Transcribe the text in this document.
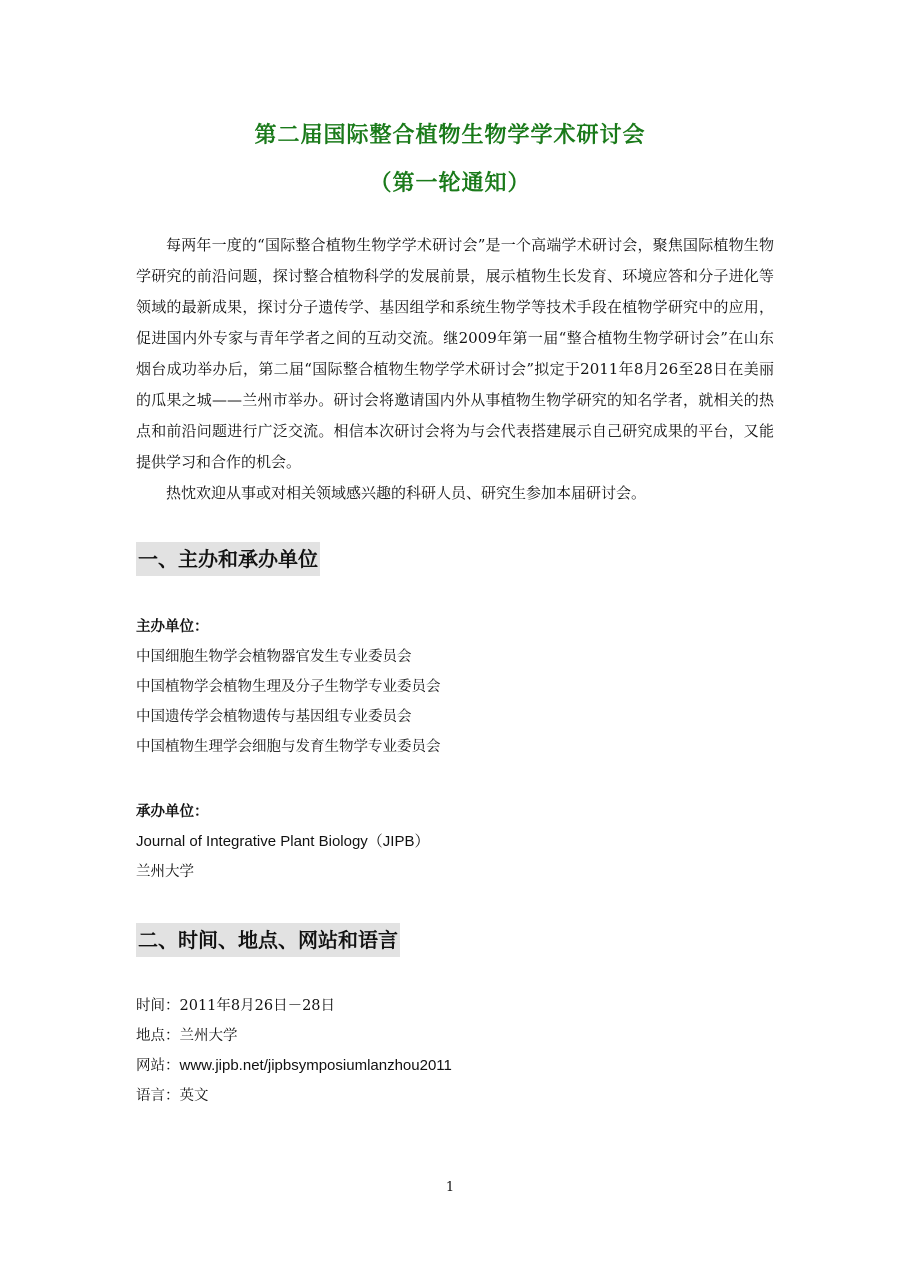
第二届国际整合植物生物学学术研讨会
（第一轮通知）

每两年一度的“国际整合植物生物学学术研讨会”是一个高端学术研讨会，聚焦国际植物生物学研究的前沿问题，探讨整合植物科学的发展前景，展示植物生长发育、环境应答和分子进化等领域的最新成果，探讨分子遗传学、基因组学和系统生物学等技术手段在植物学研究中的应用，促进国内外专家与青年学者之间的互动交流。继2009年第一届“整合植物生物学研讨会”在山东烟台成功举办后，第二届“国际整合植物生物学学术研讨会”拟定于2011年8月26至28日在美丽的瓜果之城——兰州市举办。研讨会将邀请国内外从事植物生物学研究的知名学者，就相关的热点和前沿问题进行广泛交流。相信本次研讨会将为与会代表搭建展示自己研究成果的平台，又能提供学习和合作的机会。

热忱欢迎从事或对相关领域感兴趣的科研人员、研究生参加本届研讨会。

一、主办和承办单位
主办单位：
中国细胞生物学会植物器官发生专业委员会
中国植物学会植物生理及分子生物学专业委员会
中国遗传学会植物遗传与基因组专业委员会
中国植物生理学会细胞与发育生物学专业委员会
承办单位：
Journal of Integrative Plant Biology（JIPB）
兰州大学
二、时间、地点、网站和语言
时间：2011年8月26日－28日
地点：兰州大学
网站：www.jipb.net/jipbsymposiumlanzhou2011
语言：英文
1
